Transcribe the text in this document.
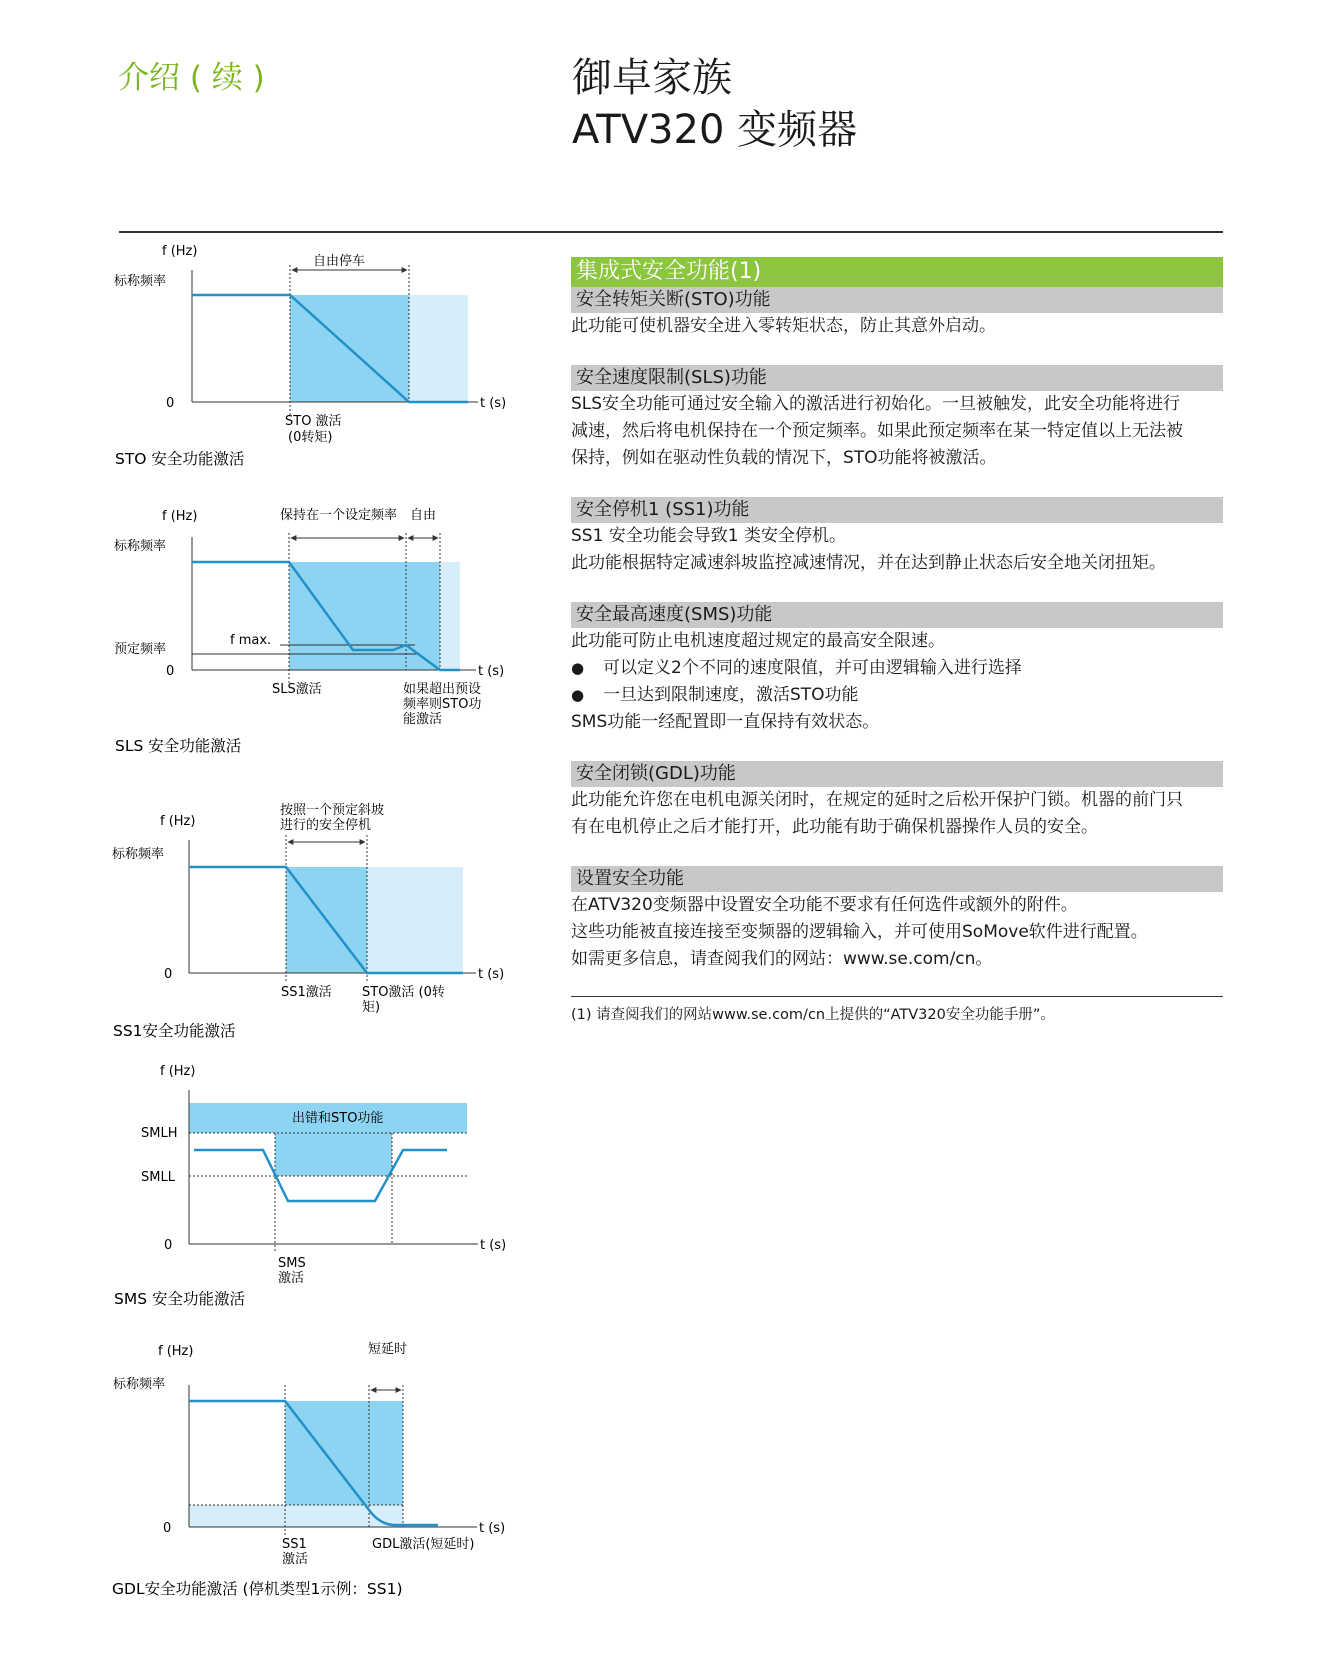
介绍 ( 续 )	御卓家族
ATV320 变频器
f (Hz)
标称频率
0	t (s)
自由停车
STO 激活
(0转矩)
STO 安全功能激活
f (Hz)
标称频率
预定频率
f max.
0	t (s)
保持在一个设定频率 自由
SLS激活	如果超出预设
频率则STO功
能激活
SLS 安全功能激活
f (Hz)
标称频率
0	t (s)
按照一个预定斜坡
进行的安全停机
SS1激活 STO激活 (0转
矩)
SS1安全功能激活
f (Hz)
SMLH
SMLL
0	t (s)
出错和STO功能
SMS
激活
SMS 安全功能激活
f (Hz)
标称频率
0	t (s)
短延时
SS1
激活
GDL激活(短延时)
GDL安全功能激活 (停机类型1示例：SS1)
集成式安全功能(1)
安全转矩关断(STO)功能

此功能可使机器安全进入零转矩状态，防止其意外启动。

安全速度限制(SLS)功能

SLS安全功能可通过安全输入的激活进行初始化。一旦被触发，此安全功能将进行

减速，然后将电机保持在一个预定频率。如果此预定频率在某一特定值以上无法被

保持，例如在驱动性负载的情况下，STO功能将被激活。

安全停机1 (SS1)功能

SS1 安全功能会导致1 类安全停机。

此功能根据特定减速斜坡监控减速情况，并在达到静止状态后安全地关闭扭矩。

安全最高速度(SMS)功能

此功能可防止电机速度超过规定的最高安全限速。

● 可以定义2个不同的速度限值，并可由逻辑输入进行选择
● 一旦达到限制速度，激活STO功能

SMS功能一经配置即一直保持有效状态。

安全闭锁(GDL)功能

此功能允许您在电机电源关闭时，在规定的延时之后松开保护门锁。机器的前门只

有在电机停止之后才能打开，此功能有助于确保机器操作人员的安全。

设置安全功能

在ATV320变频器中设置安全功能不要求有任何选件或额外的附件。

这些功能被直接连接至变频器的逻辑输入，并可使用SoMove软件进行配置。

如需更多信息，请查阅我们的网站：www.se.com/cn。

(1) 请查阅我们的网站www.se.com/cn上提供的“ATV320安全功能手册”。
